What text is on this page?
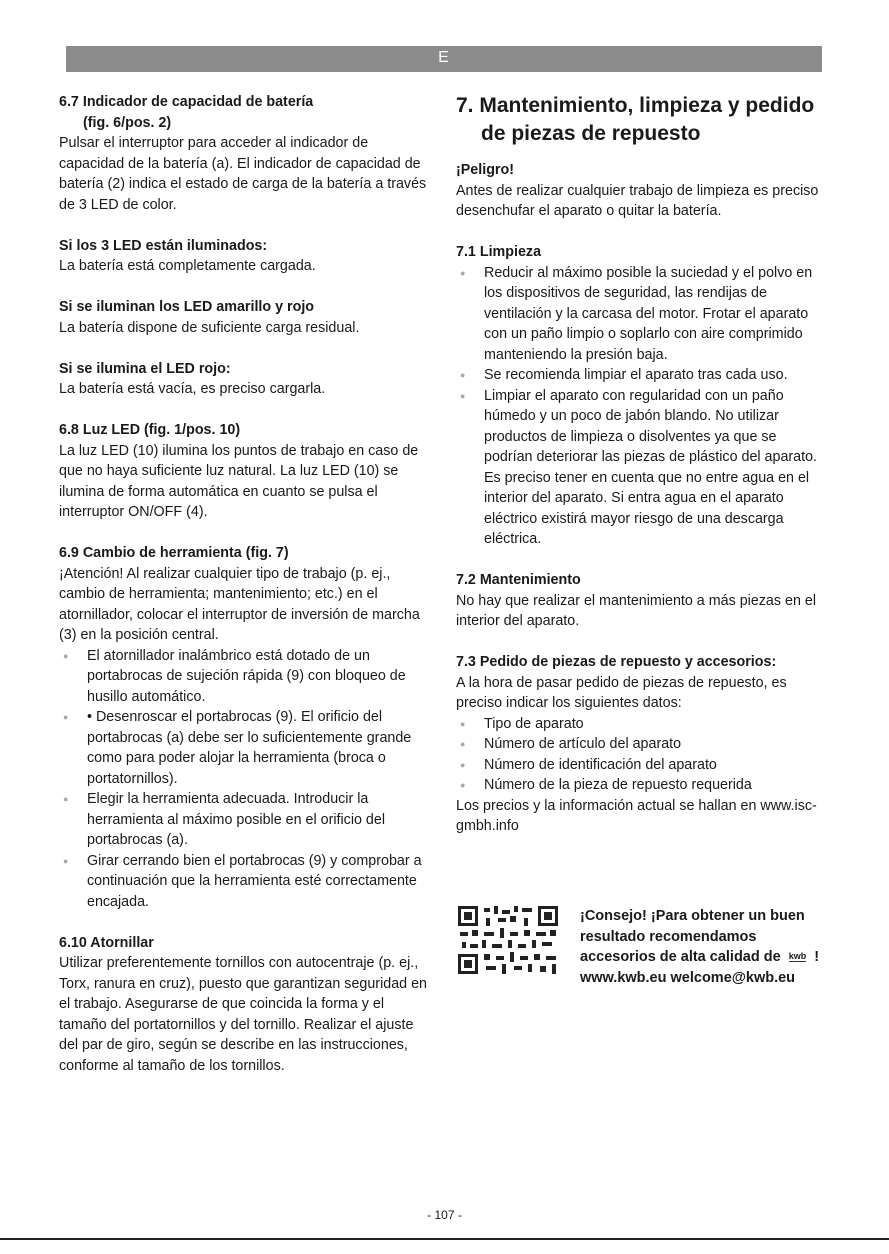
E
6.7 Indicador de capacidad de batería
(fig. 6/pos. 2)

Pulsar el interruptor para acceder al indicador de capacidad de la batería (a). El indicador de capacidad de batería (2) indica el estado de carga de la batería a través de 3 LED de color.

Si los 3 LED están iluminados:

La batería está completamente cargada.

Si se iluminan los LED amarillo y rojo

La batería dispone de suficiente carga residual.

Si se ilumina el LED rojo:

La batería está vacía, es preciso cargarla.

6.8 Luz LED (fig. 1/pos. 10)

La luz LED (10) ilumina los puntos de trabajo en caso de que no haya suficiente luz natural. La luz LED (10) se ilumina de forma automática en cuanto se pulsa el interruptor ON/OFF (4).

6.9 Cambio de herramienta (fig. 7)

¡Atención! Al realizar cualquier tipo de trabajo (p. ej., cambio de herramienta; mantenimiento; etc.) en el atornillador, colocar el interruptor de inversión de marcha (3) en la posición central.

● El atornillador inalámbrico está dotado de un portabrocas de sujeción rápida (9) con bloqueo de husillo automático.
● • Desenroscar el portabrocas (9). El orificio del portabrocas (a) debe ser lo suficientemente grande como para poder alojar la herramienta (broca o portatornillos).
● Elegir la herramienta adecuada. Introducir la herramienta al máximo posible en el orificio del portabrocas (a).
● Girar cerrando bien el portabrocas (9) y comprobar a continuación que la herramienta esté correctamente encajada.
6.10 Atornillar

Utilizar preferentemente tornillos con autocentraje (p. ej., Torx, ranura en cruz), puesto que garantizan seguridad en el trabajo. Asegurarse de que coincida la forma y el tamaño del portatornillos y del tornillo. Realizar el ajuste del par de giro, según se describe en las instrucciones, conforme al tamaño de los tornillos.

7. Mantenimiento, limpieza y pedido
de piezas de repuesto
¡Peligro!

Antes de realizar cualquier trabajo de limpieza es preciso desenchufar el aparato o quitar la batería.

7.1 Limpieza
● Reducir al máximo posible la suciedad y el polvo en los dispositivos de seguridad, las rendijas de ventilación y la carcasa del motor. Frotar el aparato con un paño limpio o soplarlo con aire comprimido manteniendo la presión baja.
● Se recomienda limpiar el aparato tras cada uso.
● Limpiar el aparato con regularidad con un paño húmedo y un poco de jabón blando. No utilizar productos de limpieza o disolventes ya que se podrían deteriorar las piezas de plástico del aparato. Es preciso tener en cuenta que no entre agua en el interior del aparato. Si entra agua en el aparato eléctrico existirá mayor riesgo de una descarga eléctrica.
7.2 Mantenimiento

No hay que realizar el mantenimiento a más piezas en el interior del aparato.

7.3 Pedido de piezas de repuesto y accesorios:

A la hora de pasar pedido de piezas de repuesto, es preciso indicar los siguientes datos:

● Tipo de aparato
● Número de artículo del aparato
● Número de identificación del aparato
● Número de la pieza de repuesto requerida

Los precios y la información actual se hallan en www.isc-gmbh.info

¡Consejo! ¡Para obtener un buen resultado recomendamos accesorios de alta calidad de kwb ! www.kwb.eu welcome@kwb.eu
- 107 -
